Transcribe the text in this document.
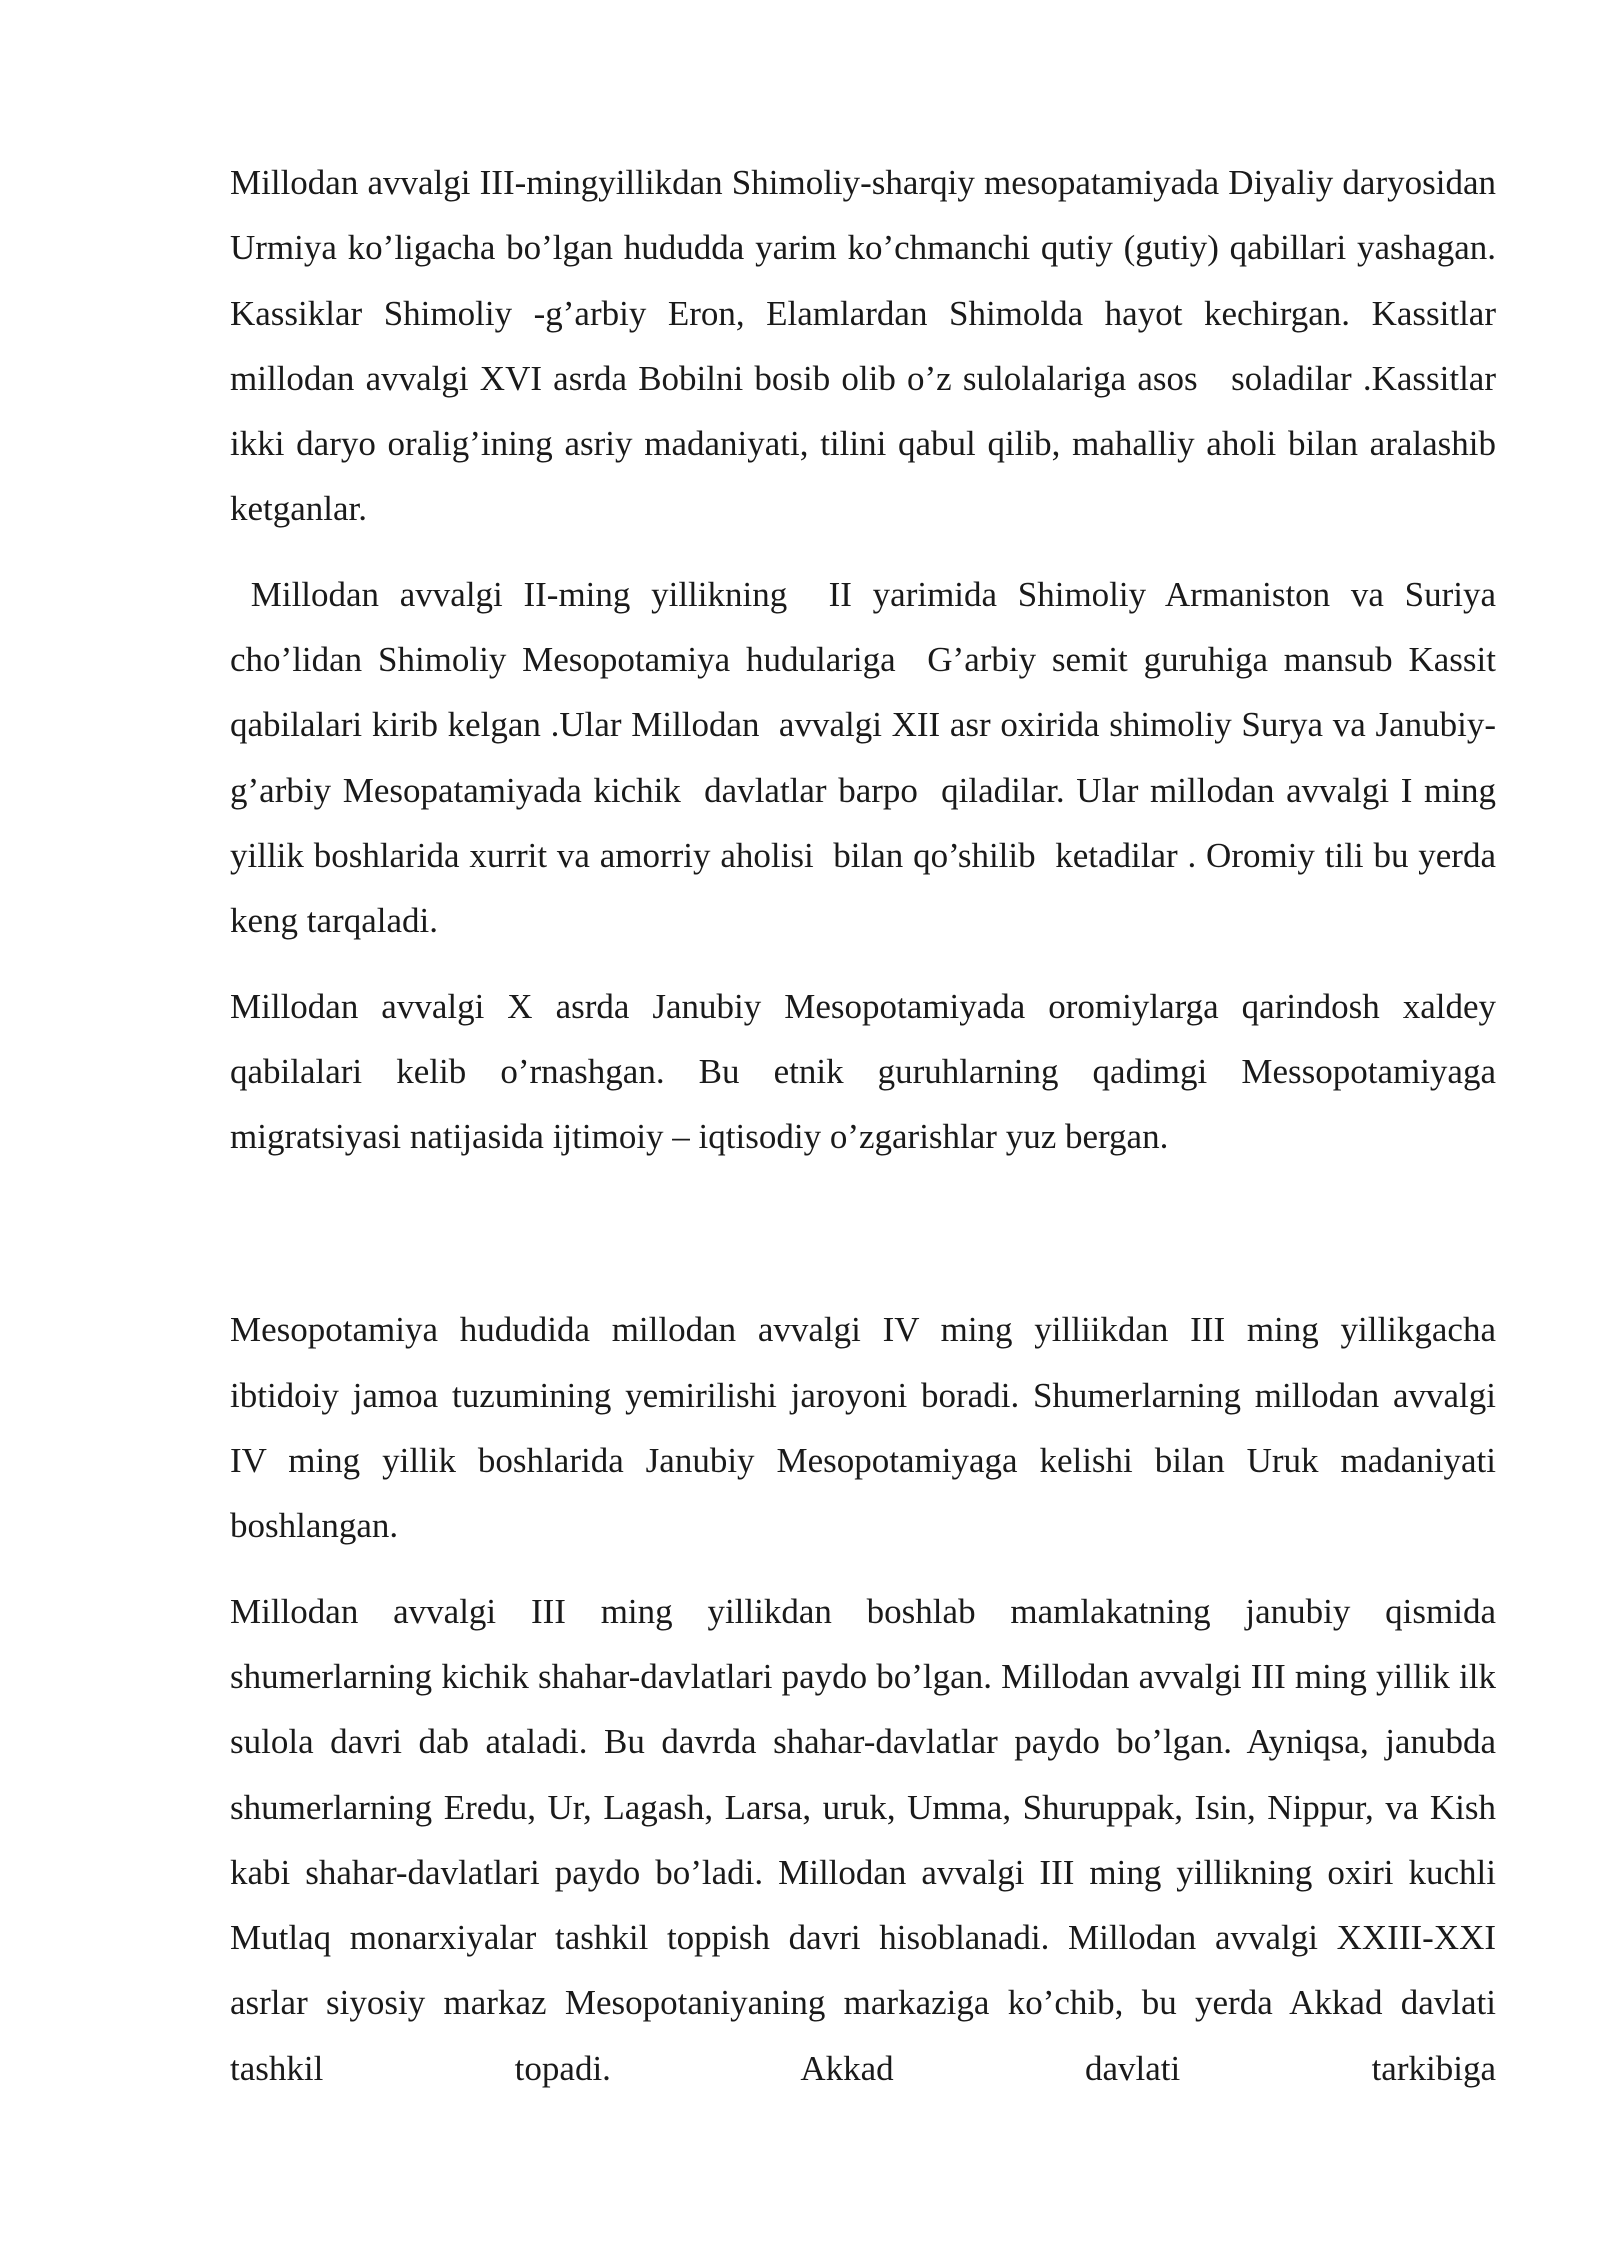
Millodan avvalgi III-mingyillikdan Shimoliy-sharqiy mesopatamiyada Diyaliy daryosidan Urmiya ko’ligacha bo’lgan hududda yarim ko’chmanchi qutiy (gutiy) qabillari yashagan. Kassiklar Shimoliy -g’arbiy Eron, Elamlardan Shimolda hayot kechirgan. Kassitlar millodan avvalgi XVI asrda Bobilni bosib olib o’z sulolalariga asos   soladilar .Kassitlar ikki daryo oralig’ining asriy madaniyati, tilini qabul qilib, mahalliy aholi bilan aralashib ketganlar.

Millodan avvalgi II-ming yillikning  II yarimida Shimoliy Armaniston va Suriya cho’lidan Shimoliy Mesopotamiya hudulariga  G’arbiy semit guruhiga mansub Kassit qabilalari kirib kelgan .Ular Millodan  avvalgi XII asr oxirida shimoliy Surya va Janubiy- g’arbiy Mesopatamiyada kichik  davlatlar barpo  qiladilar. Ular millodan avvalgi I ming yillik boshlarida xurrit va amorriy aholisi  bilan qo’shilib  ketadilar . Oromiy tili bu yerda keng tarqaladi.

Millodan avvalgi X asrda Janubiy Mesopotamiyada oromiylarga qarindosh xaldey qabilalari kelib o’rnashgan. Bu etnik guruhlarning qadimgi Messopotamiyaga migratsiyasi natijasida ijtimoiy – iqtisodiy o’zgarishlar yuz bergan.

Mesopotamiya hududida millodan avvalgi IV ming yilliikdan III ming yillikgacha ibtidoiy jamoa tuzumining yemirilishi jaroyoni boradi. Shumerlarning millodan avvalgi IV ming yillik boshlarida Janubiy Mesopotamiyaga kelishi bilan Uruk madaniyati boshlangan.

Millodan avvalgi III ming yillikdan boshlab mamlakatning janubiy qismida shumerlarning kichik shahar-davlatlari paydo bo’lgan. Millodan avvalgi III ming yillik ilk sulola davri dab ataladi. Bu davrda shahar-davlatlar paydo bo’lgan. Ayniqsa, janubda shumerlarning Eredu, Ur, Lagash, Larsa, uruk, Umma, Shuruppak, Isin, Nippur, va Kish kabi shahar-davlatlari paydo bo’ladi. Millodan avvalgi III ming yillikning oxiri kuchli Mutlaq monarxiyalar tashkil toppish davri hisoblanadi. Millodan avvalgi XXIII-XXI asrlar siyosiy markaz Mesopotaniyaning markaziga ko’chib, bu yerda Akkad davlati tashkil topadi. Akkad davlati tarkibiga
